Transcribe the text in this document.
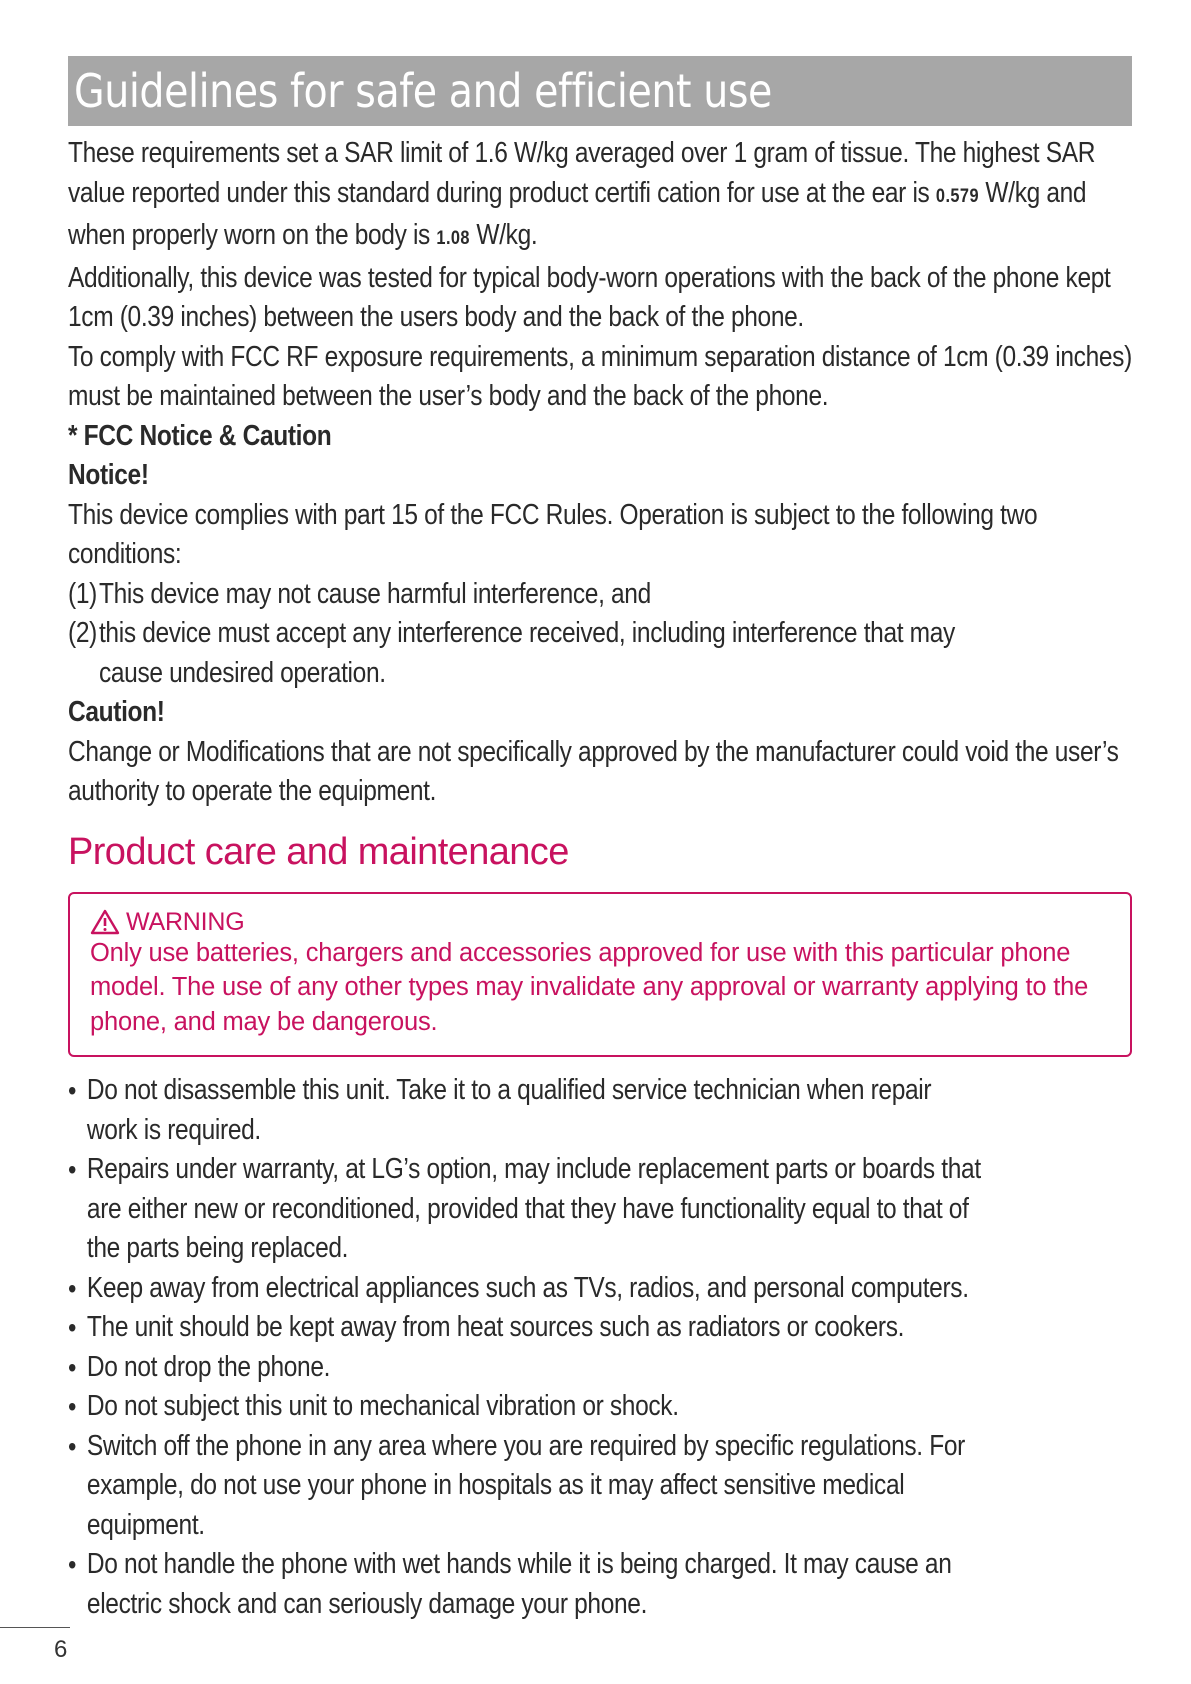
Guidelines for safe and efficient use

These requirements set a SAR limit of 1.6 W/kg averaged over 1 gram of tissue. The highest SAR value reported under this standard during product certifi cation for use at the ear is 0.579 W/kg and when properly worn on the body is 1.08 W/kg.

Additionally, this device was tested for typical body-worn operations with the back of the phone kept 1cm (0.39 inches) between the users body and the back of the phone.

To comply with FCC RF exposure requirements, a minimum separation distance of 1cm (0.39 inches) must be maintained between the user’s body and the back of the phone.

* FCC Notice & Caution

Notice!

This device complies with part 15 of the FCC Rules. Operation is subject to the following two conditions:

(1) This device may not cause harmful interference, and
(2) this device must accept any interference received, including interference that may cause undesired operation.

Caution!

Change or Modifications that are not specifically approved by the manufacturer could void the user’s authority to operate the equipment.

Product care and maintenance
WARNING
Only use batteries, chargers and accessories approved for use with this particular phone model. The use of any other types may invalidate any approval or warranty applying to the phone, and may be dangerous.
• Do not disassemble this unit. Take it to a qualified service technician when repair work is required.
• Repairs under warranty, at LG’s option, may include replacement parts or boards that are either new or reconditioned, provided that they have functionality equal to that of the parts being replaced.
• Keep away from electrical appliances such as TVs, radios, and personal computers.
• The unit should be kept away from heat sources such as radiators or cookers.
• Do not drop the phone.
• Do not subject this unit to mechanical vibration or shock.
• Switch off the phone in any area where you are required by specific regulations. For example, do not use your phone in hospitals as it may affect sensitive medical equipment.
• Do not handle the phone with wet hands while it is being charged. It may cause an electric shock and can seriously damage your phone.
6
